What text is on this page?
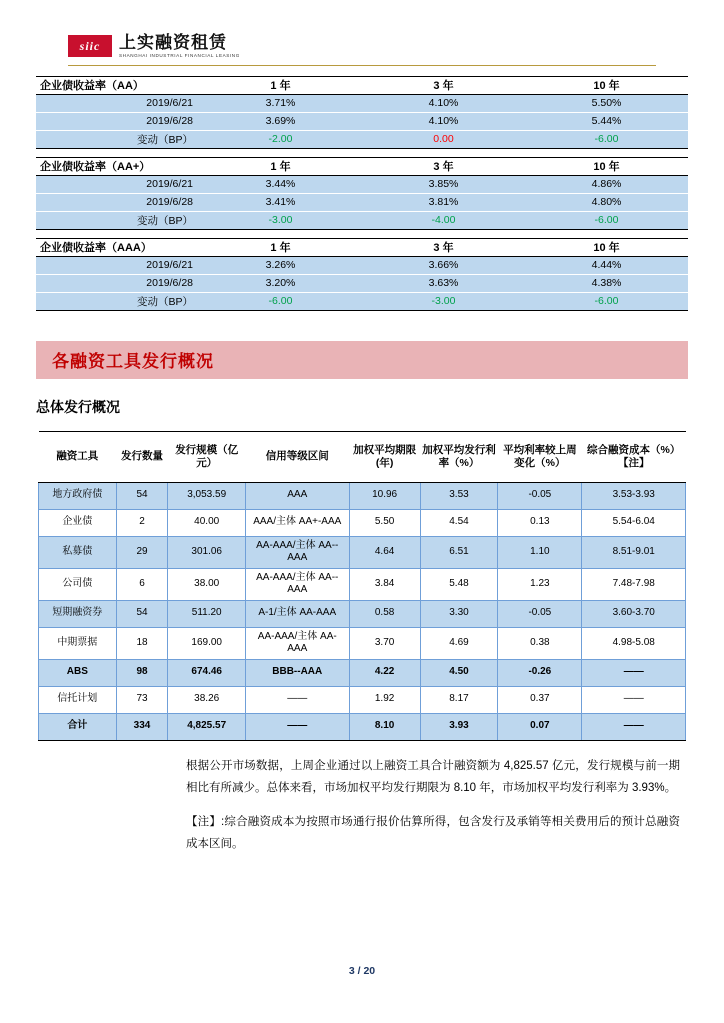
siic	上实融资租赁
SHANGHAI INDUSTRIAL FINANCIAL LEASING
企业债收益率（AA）	1 年	3 年	10 年
2019/6/21	3.71%	4.10%	5.50%
2019/6/28	3.69%	4.10%	5.44%
变动（BP）	-2.00	0.00	-6.00
企业债收益率（AA+）	1 年	3 年	10 年
2019/6/21	3.44%	3.85%	4.86%
2019/6/28	3.41%	3.81%	4.80%
变动（BP）	-3.00	-4.00	-6.00
企业债收益率（AAA）	1 年	3 年	10 年
2019/6/21	3.26%	3.66%	4.44%
2019/6/28	3.20%	3.63%	4.38%
变动（BP）	-6.00	-3.00	-6.00
各融资工具发行概况
总体发行概况
融资工具	发行数量	发行规模（亿元）	信用等级区间	加权平均期限(年)	加权平均发行利率（%）	平均利率较上周变化（%）	综合融资成本（%）【注】
地方政府债	54	3,053.59	AAA	10.96	3.53	-0.05	3.53-3.93
企业债	2	40.00	AAA/主体 AA+-AAA	5.50	4.54	0.13	5.54-6.04
私募债	29	301.06	AA-AAA/主体 AA--AAA	4.64	6.51	1.10	8.51-9.01
公司债	6	38.00	AA-AAA/主体 AA--AAA	3.84	5.48	1.23	7.48-7.98
短期融资券	54	511.20	A-1/主体 AA-AAA	0.58	3.30	-0.05	3.60-3.70
中期票据	18	169.00	AA-AAA/主体 AA-AAA	3.70	4.69	0.38	4.98-5.08
ABS	98	674.46	BBB--AAA	4.22	4.50	-0.26	——
信托计划	73	38.26	——	1.92	8.17	0.37	——
合计	334	4,825.57	——	8.10	3.93	0.07	——

根据公开市场数据，上周企业通过以上融资工具合计融资额为 4,825.57 亿元，发行规模与前一期相比有所减少。总体来看，市场加权平均发行期限为 8.10 年，市场加权平均发行利率为 3.93%。

【注】:综合融资成本为按照市场通行报价估算所得，包含发行及承销等相关费用后的预计总融资成本区间。

3 / 20
